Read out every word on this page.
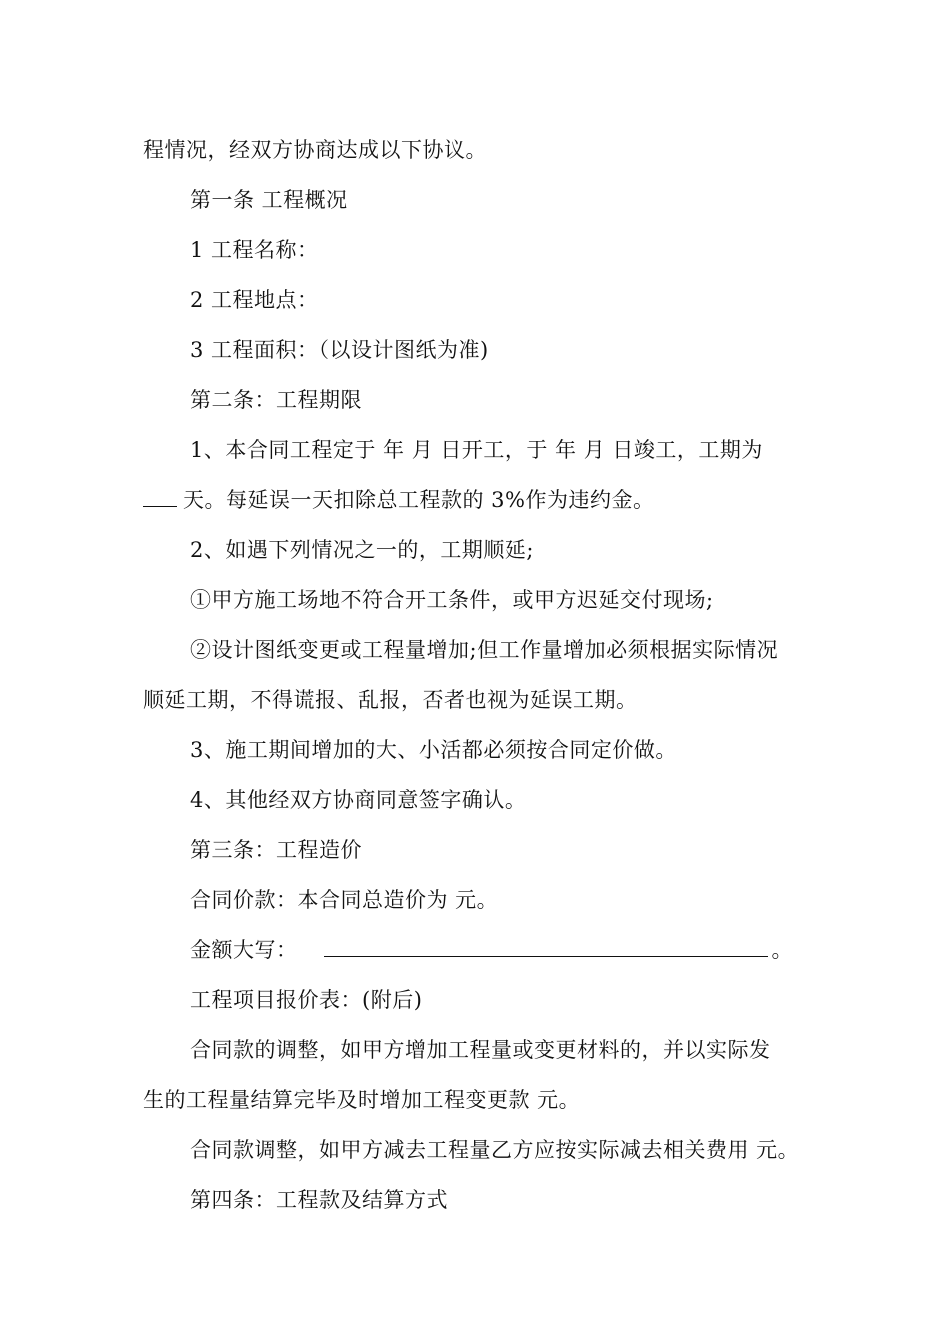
程情况，经双方协商达成以下协议。
第一条 工程概况
1 工程名称：
2 工程地点：
3 工程面积：（以设计图纸为准)
第二条：工程期限
1、本合同工程定于 年 月 日开工，于 年 月 日竣工，工期为
天。每延误一天扣除总工程款的 3%作为违约金。
2、如遇下列情况之一的，工期顺延;
①甲方施工场地不符合开工条件，或甲方迟延交付现场;
②设计图纸变更或工程量增加;但工作量增加必须根据实际情况
顺延工期，不得谎报、乱报，否者也视为延误工期。
3、施工期间增加的大、小活都必须按合同定价做。
4、其他经双方协商同意签字确认。
第三条：工程造价
合同价款：本合同总造价为 元。
金额大写：	。
工程项目报价表：(附后)
合同款的调整，如甲方增加工程量或变更材料的，并以实际发
生的工程量结算完毕及时增加工程变更款 元。
合同款调整，如甲方减去工程量乙方应按实际减去相关费用 元。
第四条：工程款及结算方式
